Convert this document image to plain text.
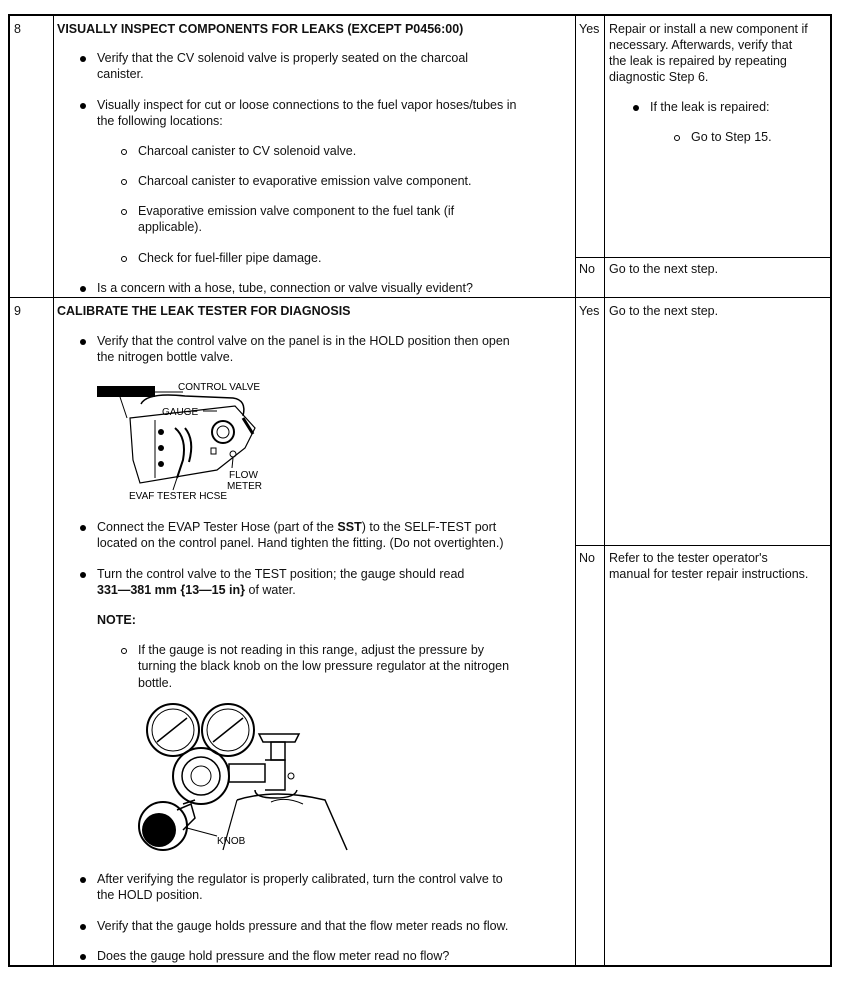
8	VISUALLY INSPECT COMPONENTS FOR LEAKS (EXCEPT P0456:00)
Verify that the CV solenoid valve is properly seated on the charcoal
canister.
Visually inspect for cut or loose connections to the fuel vapor hoses/tubes in
the following locations:
Charcoal canister to CV solenoid valve.
Charcoal canister to evaporative emission valve component.
Evaporative emission valve component to the fuel tank (if
applicable).
Check for fuel-filler pipe damage.
Is a concern with a hose, tube, connection or valve visually evident?
Yes Repair or install a new component if
necessary. Afterwards, verify that
the leak is repaired by repeating
diagnostic Step 6.
If the leak is repaired:
Go to Step 15.
No Go to the next step.
9	CALIBRATE THE LEAK TESTER FOR DIAGNOSIS
Verify that the control valve on the panel is in the HOLD position then open
the nitrogen bottle valve.
CONTROL VALVE
GAUGE
FLOW
METER
EVAF TESTER HCSE
Connect the EVAP Tester Hose (part of the SST) to the SELF-TEST port
located on the control panel. Hand tighten the fitting. (Do not overtighten.)
Turn the control valve to the TEST position; the gauge should read
331—381 mm {13—15 in} of water.
NOTE:
If the gauge is not reading in this range, adjust the pressure by
turning the black knob on the low pressure regulator at the nitrogen
bottle.
KNOB
After verifying the regulator is properly calibrated, turn the control valve to
the HOLD position.
Verify that the gauge holds pressure and that the flow meter reads no flow.
Does the gauge hold pressure and the flow meter read no flow?
Yes Go to the next step.
No Refer to the tester operator's
manual for tester repair instructions.
